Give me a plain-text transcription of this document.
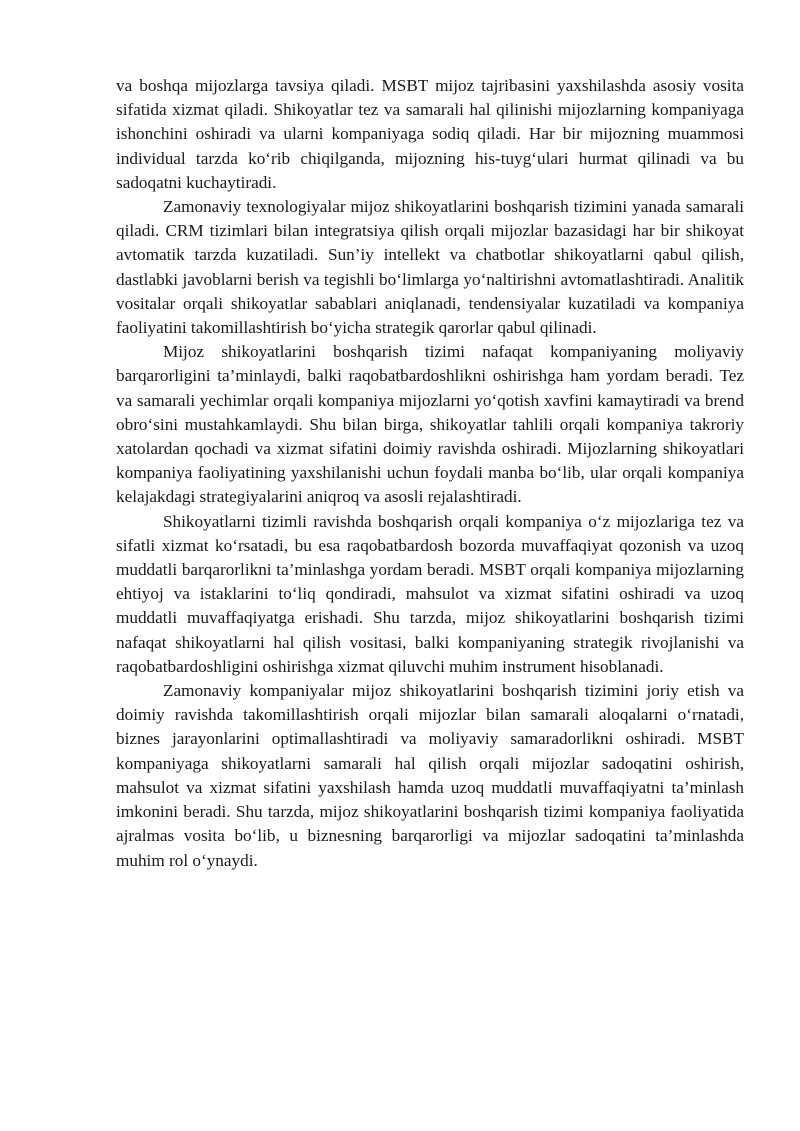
va boshqa mijozlarga tavsiya qiladi. MSBT mijoz tajribasini yaxshilashda asosiy vosita sifatida xizmat qiladi. Shikoyatlar tez va samarali hal qilinishi mijozlarning kompaniyaga ishonchini oshiradi va ularni kompaniyaga sodiq qiladi. Har bir mijozning muammosi individual tarzda ko‘rib chiqilganda, mijozning his-tuyg‘ulari hurmat qilinadi va bu sadoqatni kuchaytiradi.

Zamonaviy texnologiyalar mijoz shikoyatlarini boshqarish tizimini yanada samarali qiladi. CRM tizimlari bilan integratsiya qilish orqali mijozlar bazasidagi har bir shikoyat avtomatik tarzda kuzatiladi. Sun’iy intellekt va chatbotlar shikoyatlarni qabul qilish, dastlabki javoblarni berish va tegishli bo‘limlarga yo‘naltirishni avtomatlashtiradi. Analitik vositalar orqali shikoyatlar sabablari aniqlanadi, tendensiyalar kuzatiladi va kompaniya faoliyatini takomillashtirish bo‘yicha strategik qarorlar qabul qilinadi.

Mijoz shikoyatlarini boshqarish tizimi nafaqat kompaniyaning moliyaviy barqarorligini ta’minlaydi, balki raqobatbardoshlikni oshirishga ham yordam beradi. Tez va samarali yechimlar orqali kompaniya mijozlarni yo‘qotish xavfini kamaytiradi va brend obro‘sini mustahkamlaydi. Shu bilan birga, shikoyatlar tahlili orqali kompaniya takroriy xatolardan qochadi va xizmat sifatini doimiy ravishda oshiradi. Mijozlarning shikoyatlari kompaniya faoliyatining yaxshilanishi uchun foydali manba bo‘lib, ular orqali kompaniya kelajakdagi strategiyalarini aniqroq va asosli rejalashtiradi.

Shikoyatlarni tizimli ravishda boshqarish orqali kompaniya o‘z mijozlariga tez va sifatli xizmat ko‘rsatadi, bu esa raqobatbardosh bozorda muvaffaqiyat qozonish va uzoq muddatli barqarorlikni ta’minlashga yordam beradi. MSBT orqali kompaniya mijozlarning ehtiyoj va istaklarini to‘liq qondiradi, mahsulot va xizmat sifatini oshiradi va uzoq muddatli muvaffaqiyatga erishadi. Shu tarzda, mijoz shikoyatlarini boshqarish tizimi nafaqat shikoyatlarni hal qilish vositasi, balki kompaniyaning strategik rivojlanishi va raqobatbardoshligini oshirishga xizmat qiluvchi muhim instrument hisoblanadi.

Zamonaviy kompaniyalar mijoz shikoyatlarini boshqarish tizimini joriy etish va doimiy ravishda takomillashtirish orqali mijozlar bilan samarali aloqalarni o‘rnatadi, biznes jarayonlarini optimallashtiradi va moliyaviy samaradorlikni oshiradi. MSBT kompaniyaga shikoyatlarni samarali hal qilish orqali mijozlar sadoqatini oshirish, mahsulot va xizmat sifatini yaxshilash hamda uzoq muddatli muvaffaqiyatni ta’minlash imkonini beradi. Shu tarzda, mijoz shikoyatlarini boshqarish tizimi kompaniya faoliyatida ajralmas vosita bo‘lib, u biznesning barqarorligi va mijozlar sadoqatini ta’minlashda muhim rol o‘ynaydi.
